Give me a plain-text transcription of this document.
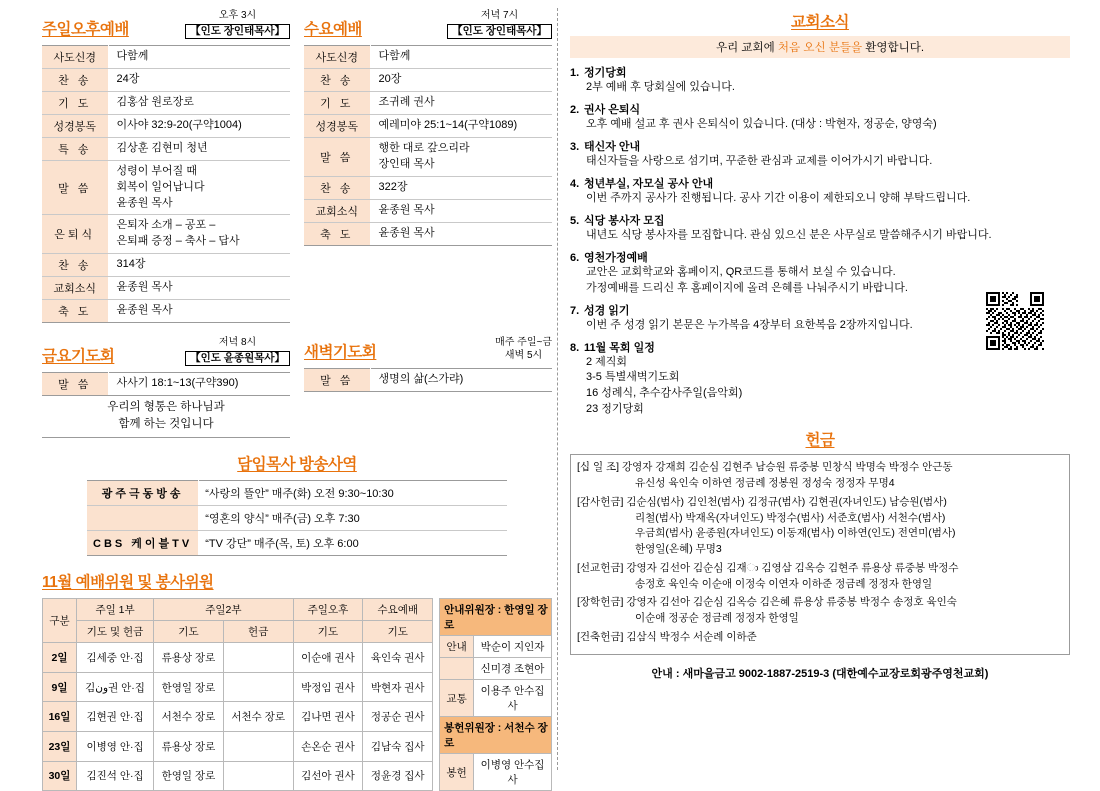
주일오후예배
오후 3시
【인도 장인태목사】
사도신경	다함께

찬 송	24장

기 도	김홍삼 원로장로

성경봉독	이사야 32:9-20(구약1004)

특 송	김상훈 김현미 청년

말 씀	성령이 부어질 때
회복이 일어납니다
윤종원 목사

은퇴식	은퇴자 소개 – 공포 –
은퇴패 증정 – 축사 – 답사

찬 송	314장

교회소식	윤종원 목사

축 도	윤종원 목사
수요예배
저녁 7시
【인도 장인태목사】
사도신경	다함께

찬 송	20장

기 도	조귀례 권사

성경봉독	예레미야 25:1~14(구약1089)

말 씀	행한 대로 갚으리라
장인태 목사

찬 송	322장

교회소식	윤종원 목사

축 도	윤종원 목사
금요기도회
저녁 8시
【인도 윤종원목사】
말 씀	사사기 18:1~13(구약390)
우리의 형통은 하나님과
함께 하는 것입니다
새벽기도회
매주 주일~금
새벽 5시
말 씀	생명의 삶(스가랴)
담임목사 방송사역
광주극동방송	“사랑의 뜰안” 매주(화) 오전 9:30~10:30
	“영혼의 양식” 매주(금) 오후 7:30
CBS 케이블TV	“TV 강단” 매주(목, 토) 오후 6:00
11월 예배위원 및 봉사위원
구분	주일 1부	주일2부		주일오후	수요예배
	기도 및 헌금	기도	헌금	기도	기도
2일	김세중 안·집	류용상 장로		이순애 권사	육인숙 권사
9일	김ون권 안·집	한영일 장로		박정임 권사	박현자 권사
16일	김현권 안·집	서천수 장로	서천수 장로	김나면 권사	정공순 권사
23일	이병영 안·집	류용상 장로		손온순 권사	김남숙 집사
30일	김진석 안·집	한영일 장로		김선아 권사	정윤경 집사
안내위원장 : 한영일 장로	
안내	박순이 지인자
	신미경 조현아
교통	이용주 안수집사
봉헌위원장 : 서천수 장로	
봉헌	이병영 안수집사
교회소식
우리 교회에 처음 오신 분들을 환영합니다.
1. 정기당회
2부 예배 후 당회실에 있습니다.
2. 권사 은퇴식
오후 예배 설교 후 권사 은퇴식이 있습니다. (대상 : 박현자, 정공순, 양영숙)
3. 태신자 안내
태신자들을 사랑으로 섬기며, 꾸준한 관심과 교제를 이어가시기 바랍니다.
4. 청년부실, 자모실 공사 안내
이번 주까지 공사가 진행됩니다. 공사 기간 이용이 제한되오니 양해 부탁드립니다.
5. 식당 봉사자 모집
내년도 식당 봉사자를 모집합니다. 관심 있으신 분은 사무실로 말씀해주시기 바랍니다.
6. 영천가정예배
교안은 교회학교와 홈페이지, QR코드를 통해서 보실 수 있습니다.
가정예배를 드리신 후 홈페이지에 올려 은혜를 나눠주시기 바랍니다.
7. 성경 읽기
이번 주 성경 읽기 본문은 누가복음 4장부터 요한복음 2장까지입니다.
8. 11월 목회 일정
2 제직회
3-5 특별새벽기도회
16 성례식, 추수감사주일(음악회)
23 정기당회
헌금
[십 일 조] 강영자 강재희 김순심 김현주 남승원 류중봉 민창식 박명숙 박정수 안근동
유신성 육인숙 이하연 정금례 정봉원 정성숙 정정자 무명4
[감사헌금] 김순심(범사) 김인천(범사) 김정규(범사) 김현권(자녀인도) 남승원(범사)
리철(범사) 박재옥(자녀인도) 박정수(범사) 서준호(범사) 서천수(범사)
우금희(범사) 윤종원(자녀인도) 이동재(범사) 이하연(인도) 전연미(범사)
한영일(온혜) 무명3
[선교헌금] 강영자 김선아 김순심 김재ා 김영삼 김옥승 김현주 류용상 류중봉 박정수
송정호 육인숙 이순애 이정숙 이연자 이하준 정금례 정정자 한영일
[장학헌금] 강영자 김선아 김순심 김옥승 김은혜 류용상 류중봉 박정수 송정호 육인숙
이순애 정공순 정금례 정정자 한영일
[건축헌금] 김삼식 박정수 서순례 이하준
안내 : 새마을금고 9002-1887-2519-3 (대한예수교장로회광주영천교회)
